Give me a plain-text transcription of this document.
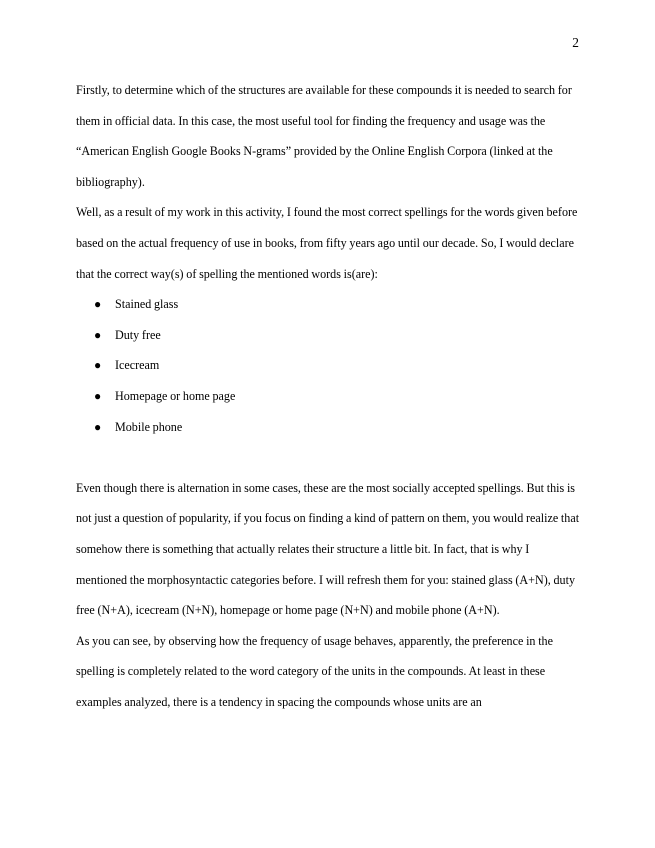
2

Firstly, to determine which of the structures are available for these compounds it is needed to search for them in official data. In this case, the most useful tool for finding the frequency and usage was the “American English Google Books N-grams” provided by the Online English Corpora (linked at the bibliography).

Well, as a result of my work in this activity, I found the most correct spellings for the words given before based on the actual frequency of use in books, from fifty years ago until our decade. So, I would declare that the correct way(s) of spelling the mentioned words is(are):

● Stained glass
● Duty free
● Icecream
● Homepage or home page
● Mobile phone

Even though there is alternation in some cases, these are the most socially accepted spellings. But this is not just a question of popularity, if you focus on finding a kind of pattern on them, you would realize that somehow there is something that actually relates their structure a little bit. In fact, that is why I mentioned the morphosyntactic categories before. I will refresh them for you: stained glass (A+N), duty free (N+A), icecream (N+N), homepage or home page (N+N) and mobile phone (A+N).

As you can see, by observing how the frequency of usage behaves, apparently, the preference in the spelling is completely related to the word category of the units in the compounds. At least in these examples analyzed, there is a tendency in spacing the compounds whose units are an
